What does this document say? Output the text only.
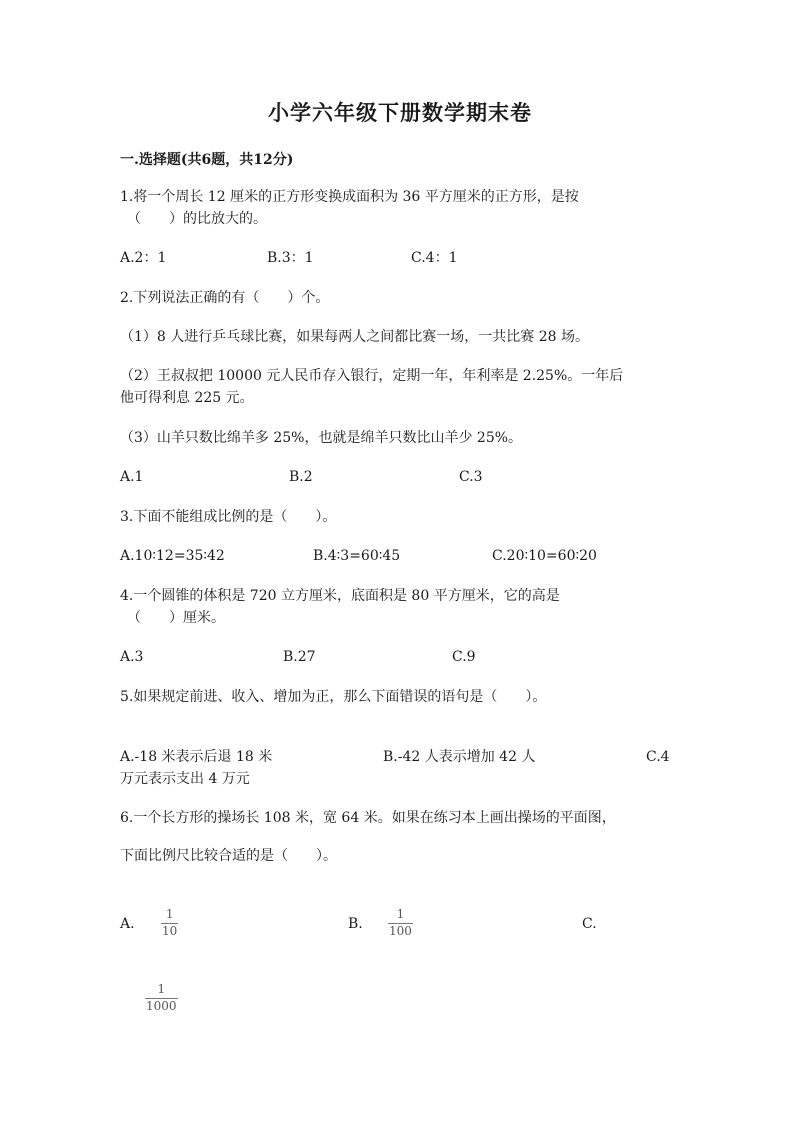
小学六年级下册数学期末卷
一.选择题(共6题，共12分)
1.将一个周长 12 厘米的正方形变换成面积为 36 平方厘米的正方形，是按
（　　）的比放大的。
A.2：1	B.3：1	C.4：1
2.下列说法正确的有（　　）个。
（1）8 人进行乒乓球比赛，如果每两人之间都比赛一场，一共比赛 28 场。
（2）王叔叔把 10000 元人民币存入银行，定期一年，年利率是 2.25%。一年后
他可得利息 225 元。
（3）山羊只数比绵羊多 25%，也就是绵羊只数比山羊少 25%。
A.1	B.2	C.3
3.下面不能组成比例的是（　　）。
A.10∶12=35∶42	B.4∶3=60∶45	C.20∶10=60∶20
4.一个圆锥的体积是 720 立方厘米，底面积是 80 平方厘米，它的高是
（　　）厘米。
A.3	B.27	C.9
5.如果规定前进、收入、增加为正，那么下面错误的语句是（　　）。
A.-18 米表示后退 18 米	B.-42 人表示增加 42 人	C.4
万元表示支出 4 万元
6.一个长方形的操场长 108 米，宽 64 米。如果在练习本上画出操场的平面图，
下面比例尺比较合适的是（　　）。
A.
1
10	B.
1
100	C.
1
1000
